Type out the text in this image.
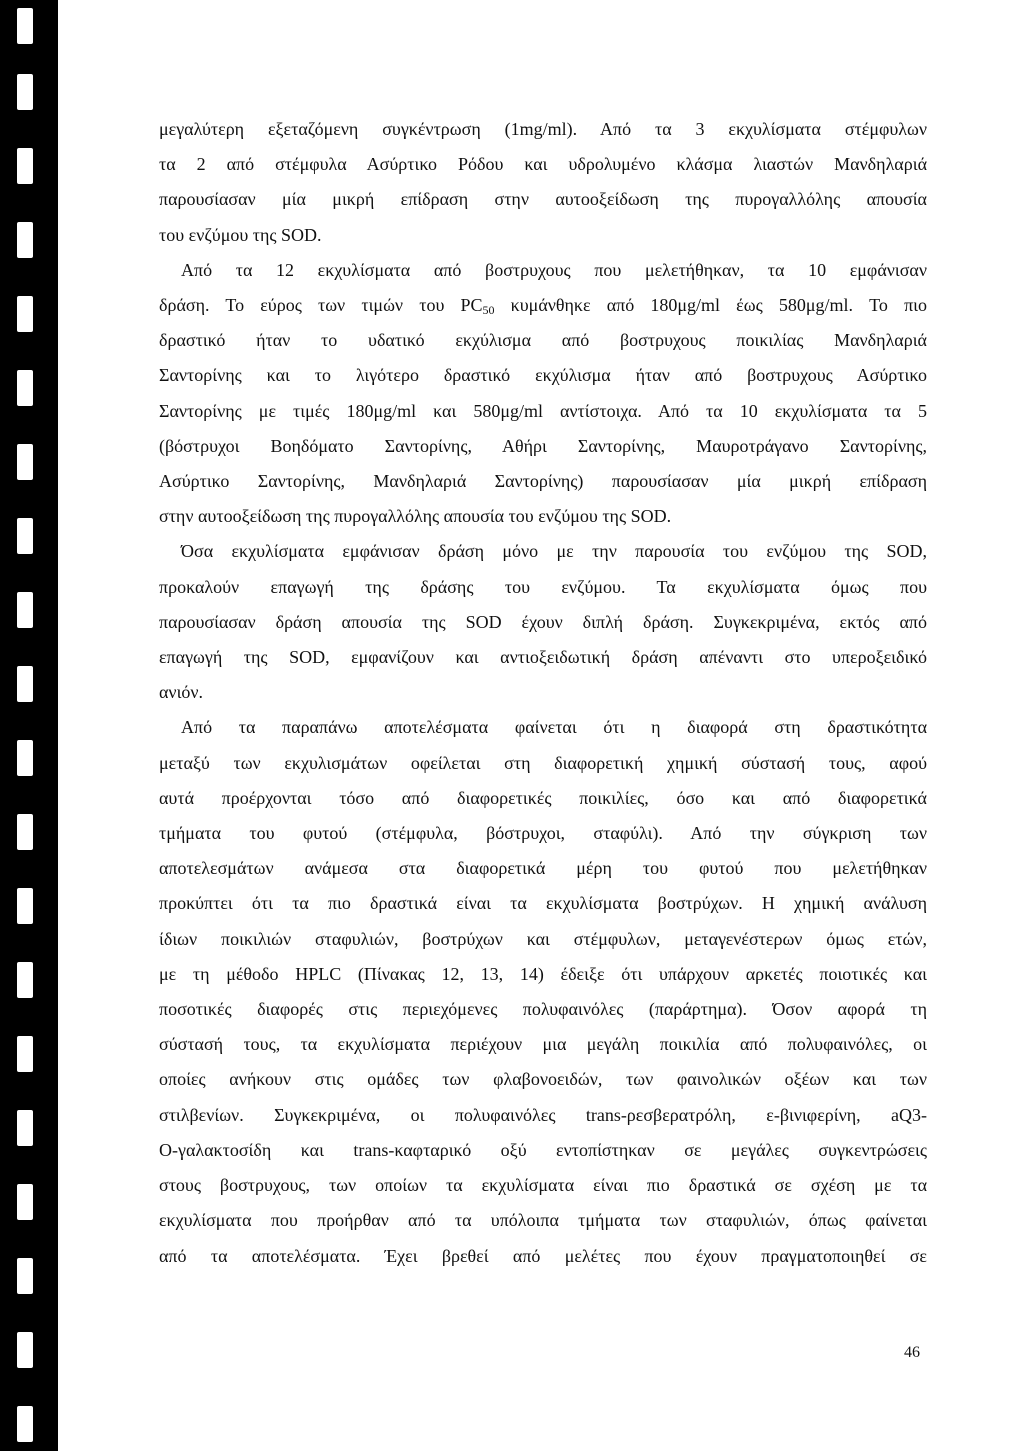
μεγαλύτερη εξεταζόμενη συγκέντρωση (1mg/ml). Από τα 3 εκχυλίσματα στέμφυλων
τα 2 από στέμφυλα Ασύρτικο Ρόδου και υδρολυμένο κλάσμα λιαστών Μανδηλαριά
παρουσίασαν μία μικρή επίδραση στην αυτοοξείδωση της πυρογαλλόλης απουσία
του ενζύμου της SOD.
Από τα 12 εκχυλίσματα από βοστρυχους που μελετήθηκαν, τα 10 εμφάνισαν
δράση. Το εύρος των τιμών του $PC_{50}$ κυμάνθηκε από 180μg/ml έως 580μg/ml. Το πιο
δραστικό ήταν το υδατικό εκχύλισμα από βοστρυχους ποικιλίας Μανδηλαριά
Σαντορίνης και το λιγότερο δραστικό εκχύλισμα ήταν από βοστρυχους Ασύρτικο
Σαντορίνης με τιμές 180μg/ml και 580μg/ml αντίστοιχα. Από τα 10 εκχυλίσματα τα 5
(βόστρυχοι Βοηδόματο Σαντορίνης, Αθήρι Σαντορίνης, Μαυροτράγανο Σαντορίνης,
Ασύρτικο Σαντορίνης, Μανδηλαριά Σαντορίνης) παρουσίασαν μία μικρή επίδραση
στην αυτοοξείδωση της πυρογαλλόλης απουσία του ενζύμου της SOD.
Όσα εκχυλίσματα εμφάνισαν δράση μόνο με την παρουσία του ενζύμου της SOD,
προκαλούν επαγωγή της δράσης του ενζύμου. Τα εκχυλίσματα όμως που
παρουσίασαν δράση απουσία της SOD έχουν διπλή δράση. Συγκεκριμένα, εκτός από
επαγωγή της SOD, εμφανίζουν και αντιοξειδωτική δράση απέναντι στο υπεροξειδικό
ανιόν.
Από τα παραπάνω αποτελέσματα φαίνεται ότι η διαφορά στη δραστικότητα
μεταξύ των εκχυλισμάτων οφείλεται στη διαφορετική χημική σύστασή τους, αφού
αυτά προέρχονται τόσο από διαφορετικές ποικιλίες, όσο και από διαφορετικά
τμήματα του φυτού (στέμφυλα, βόστρυχοι, σταφύλι). Από την σύγκριση των
αποτελεσμάτων ανάμεσα στα διαφορετικά μέρη του φυτού που μελετήθηκαν
προκύπτει ότι τα πιο δραστικά είναι τα εκχυλίσματα βοστρύχων. Η χημική ανάλυση
ίδιων ποικιλιών σταφυλιών, βοστρύχων και στέμφυλων, μεταγενέστερων όμως ετών,
με τη μέθοδο HPLC (Πίνακας 12, 13, 14) έδειξε ότι υπάρχουν αρκετές ποιοτικές και
ποσοτικές διαφορές στις περιεχόμενες πολυφαινόλες (παράρτημα). Όσον αφορά τη
σύστασή τους, τα εκχυλίσματα περιέχουν μια μεγάλη ποικιλία από πολυφαινόλες, οι
οποίες ανήκουν στις ομάδες των φλαβονοειδών, των φαινολικών οξέων και των
στιλβενίων. Συγκεκριμένα, οι πολυφαινόλες trans-ρεσβερατρόλη, ε-βινιφερίνη, aQ3-
Ο-γαλακτοσίδη και trans-καφταρικό οξύ εντοπίστηκαν σε μεγάλες συγκεντρώσεις
στους βοστρυχους, των οποίων τα εκχυλίσματα είναι πιο δραστικά σε σχέση με τα
εκχυλίσματα που προήρθαν από τα υπόλοιπα τμήματα των σταφυλιών, όπως φαίνεται
από τα αποτελέσματα. Έχει βρεθεί από μελέτες που έχουν πραγματοποιηθεί σε
46
